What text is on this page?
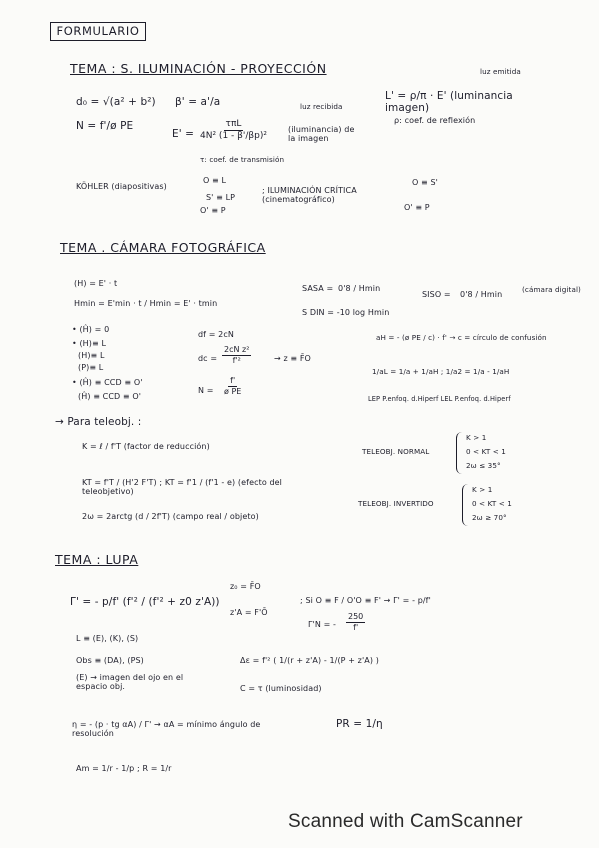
FORMULARIO
TEMA : S. ILUMINACIÓN - PROYECCIÓN
d₀ = √(a² + b²) β' = a'/a
N = f'/ø PE
luz recibida
E' =
τπL
4N² (1 - β'/βp)²
(iluminancia) de la imagen
τ: coef. de transmisión
luz emitida
L' = ρ/π · E' (luminancia imagen)
ρ: coef. de reflexión
KÖHLER (diapositivas)
O ≡ L
S' ≡ LP
O' ≡ P
; ILUMINACIÓN CRÍTICA (cinematográfico)
O ≡ S'
O' ≡ P
TEMA . CÁMARA FOTOGRÁFICA
(H) = E' · t
Hmin = E'min · t / Hmin = E' · tmin
SASA = 0'8 / Hmin
SISO = 0'8 / Hmin
(cámara digital)
S DIN = -10 log Hmin
• (Ĥ) = 0
• (H)≡ L
(H)≡ L
(P)≡ L
• (Ĥ) ≡ CCD ≡ O'
(Ĥ) ≡ CCD ≡ O'
df = 2cN
dc = $\frac{\text{2cN z²}}{\text{f'²}}$	→ z ≡ F̄O
$N = \frac{f'}{\text{ø PE}}$
aH = - (ø PE / c) · f' → c = círculo de confusión
1/aL = 1/a + 1/aH ; 1/a2 = 1/a - 1/aH
LEP P.enfoq. d.Hiperf LEL P.enfoq. d.Hiperf
→ Para teleobj. :
K = ℓ / f'T (factor de reducción)
KT = f'T / (H'2 F'T) ; KT = f'1 / (f'1 - e) (efecto del teleobjetivo)
2ω = 2arctg (d / 2f'T) (campo real / objeto)
TELEOBJ. NORMAL
K > 1
0 < KT < 1
2ω ≤ 35°
TELEOBJ. INVERTIDO
K > 1
0 < KT < 1
2ω ≥ 70°
TEMA : LUPA
Γ' = - p/f' (f'² / (f'² + z0 z'A))
z₀ = F̄O
z'A = F'Ō
; Si O ≡ F / O'O ≡ F' → Γ' = - p/f'
Γ'N = - $\frac{250}{f'}$
L ≡ (E), (K), (S)
Obs ≡ (DA), (PS)
(E) → imagen del ojo en el espacio obj.
Δε = f'² ( 1/(r + z'A) - 1/(P + z'A) )
C = τ (luminosidad)
η = - (p · tg αA) / Γ' → αA = mínimo ángulo de resolución
PR = 1/η
Am = 1/r - 1/p ; R = 1/r
Scanned with CamScanner
